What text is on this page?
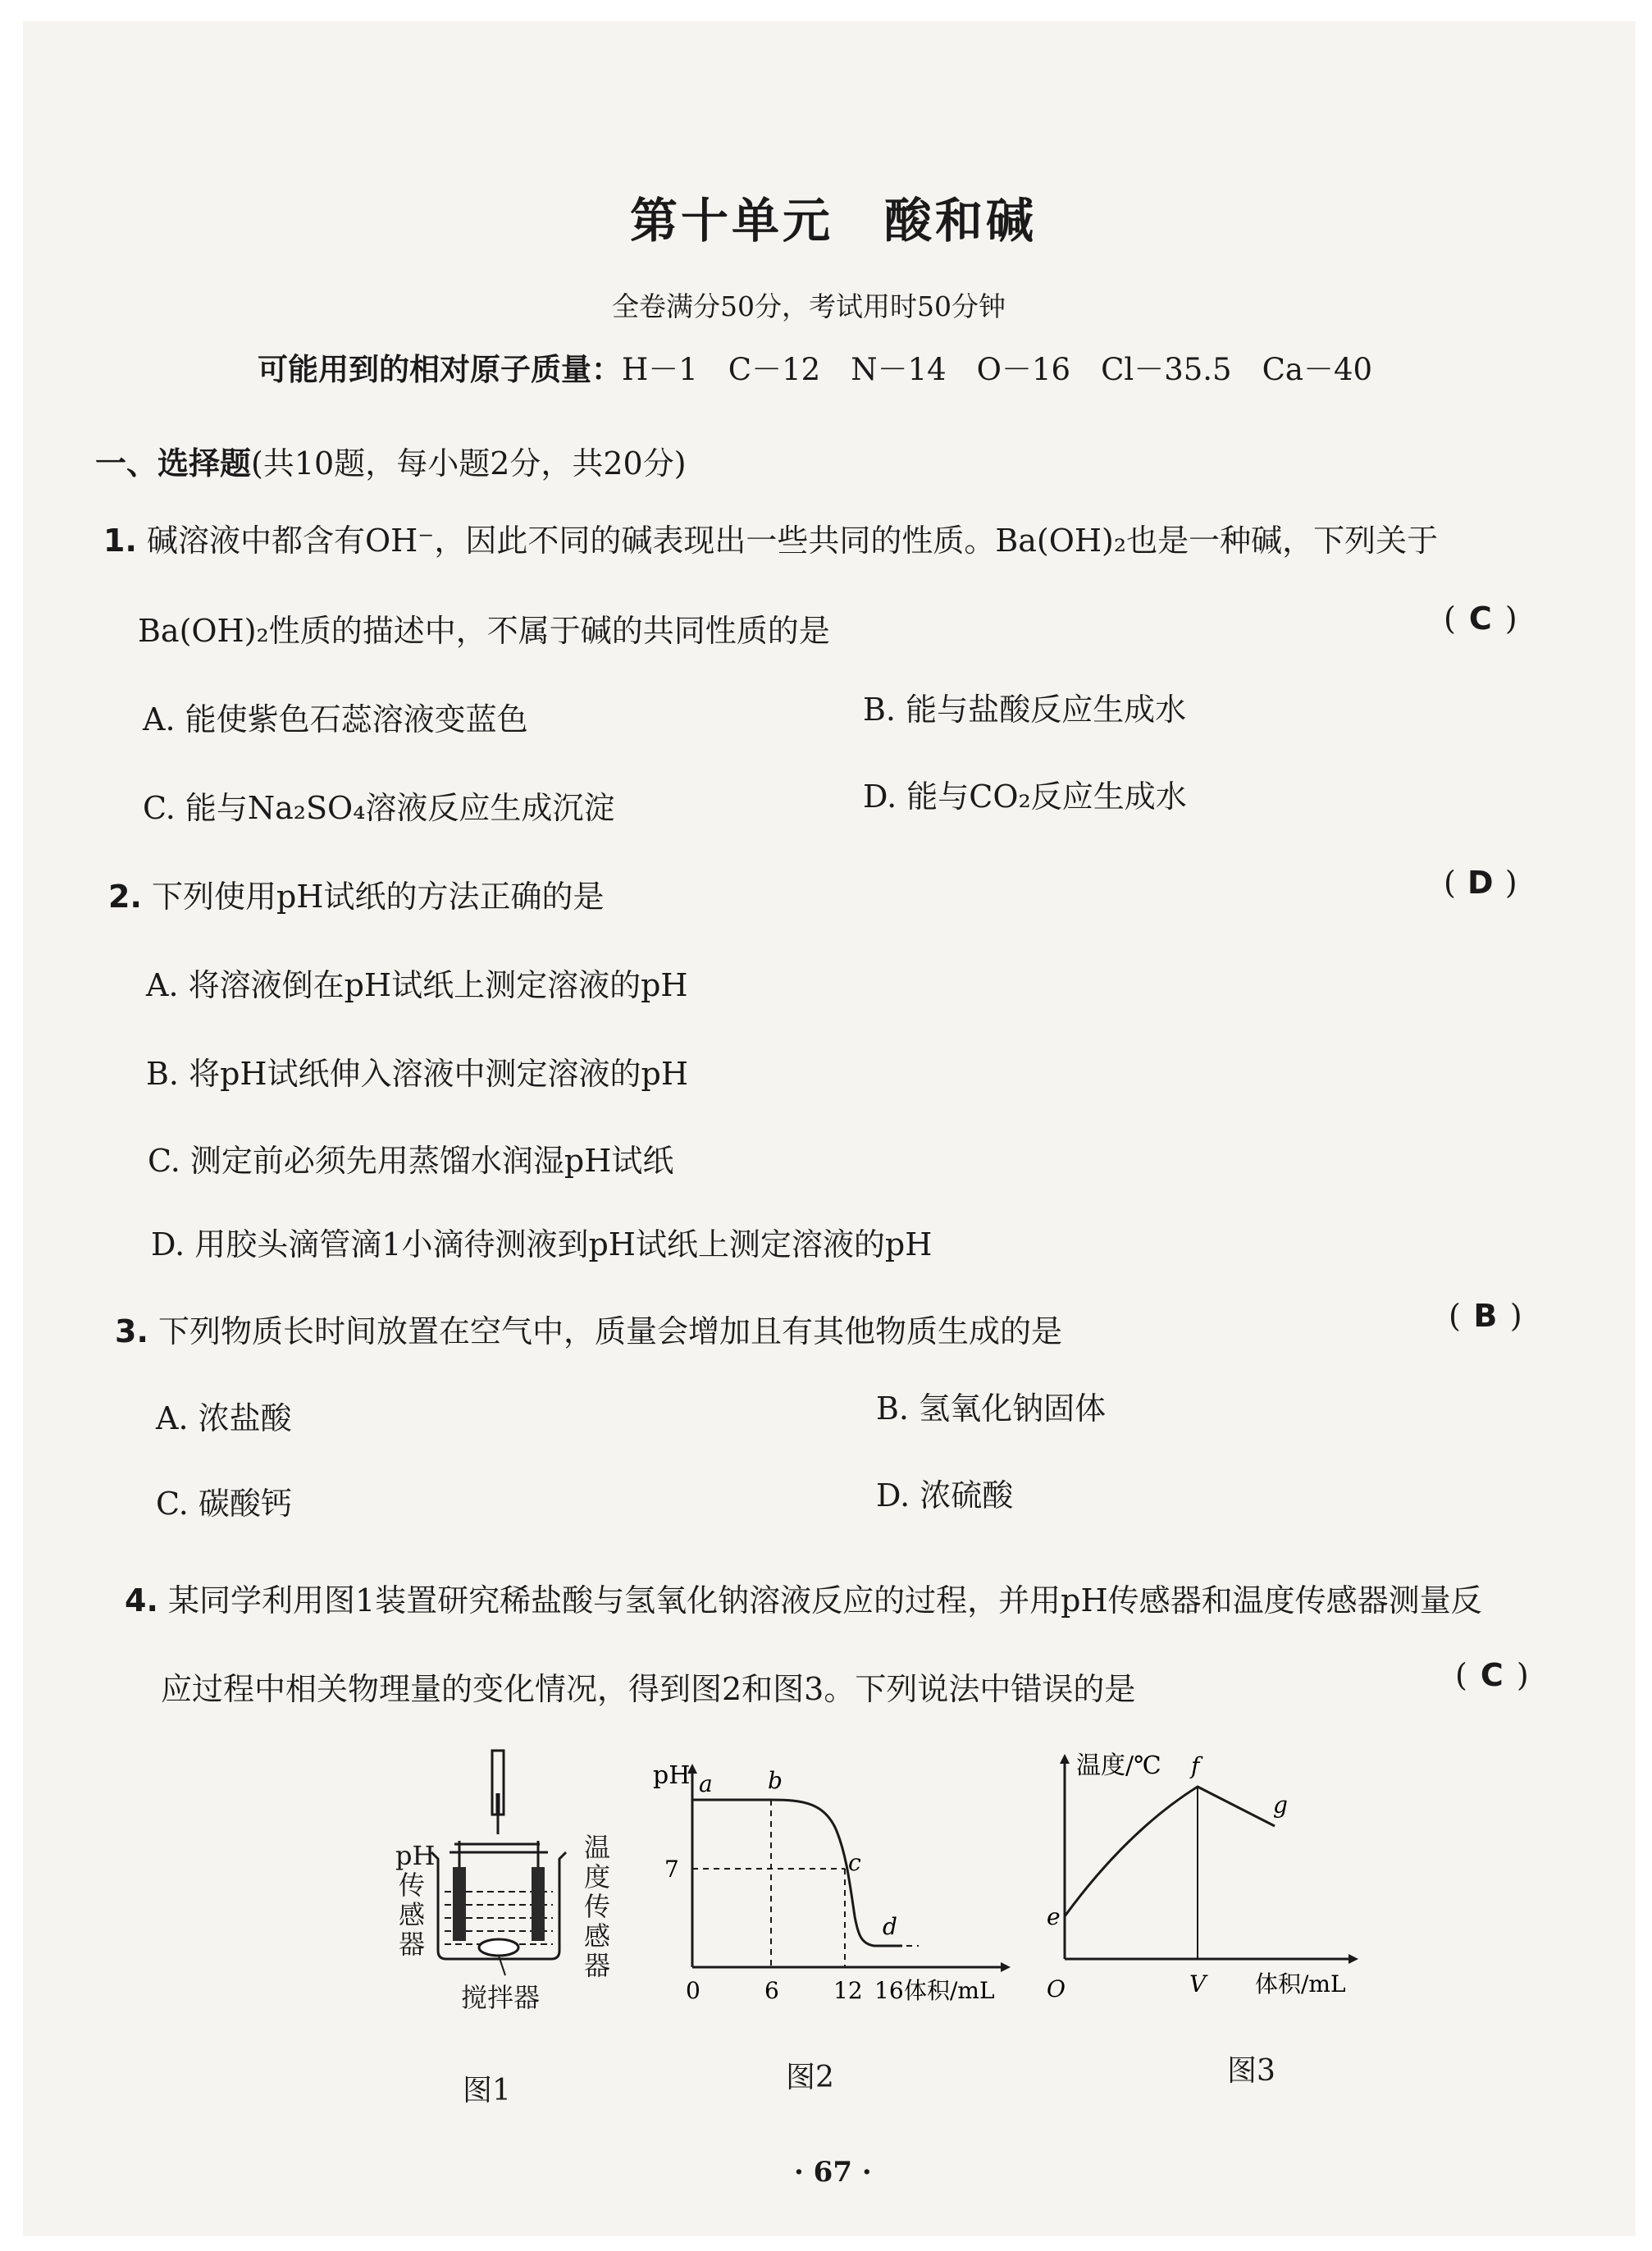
第十单元　酸和碱
全卷满分50分，考试用时50分钟
可能用到的相对原子质量：H－1　C－12　N－14　O－16　Cl－35.5　Ca－40
一、选择题(共10题，每小题2分，共20分)
1. 碱溶液中都含有OH⁻，因此不同的碱表现出一些共同的性质。Ba(OH)₂也是一种碱，下列关于
Ba(OH)₂性质的描述中，不属于碱的共同性质的是	( C )
A. 能使紫色石蕊溶液变蓝色	B. 能与盐酸反应生成水
C. 能与Na₂SO₄溶液反应生成沉淀	D. 能与CO₂反应生成水
2. 下列使用pH试纸的方法正确的是	( D )
A. 将溶液倒在pH试纸上测定溶液的pH
B. 将pH试纸伸入溶液中测定溶液的pH
C. 测定前必须先用蒸馏水润湿pH试纸
D. 用胶头滴管滴1小滴待测液到pH试纸上测定溶液的pH
3. 下列物质长时间放置在空气中，质量会增加且有其他物质生成的是	( B )
A. 浓盐酸	B. 氢氧化钠固体
C. 碳酸钙	D. 浓硫酸
4. 某同学利用图1装置研究稀盐酸与氢氧化钠溶液反应的过程，并用pH传感器和温度传感器测量反
应过程中相关物理量的变化情况，得到图2和图3。下列说法中错误的是	( C )
pH传感器
温度传感器
搅拌器
图1
pH
7
0	6 12 16 体积/mL
a b
c
d
图2
温度/℃
O	V 体积/mL
e
f
g
图3
· 67 ·
